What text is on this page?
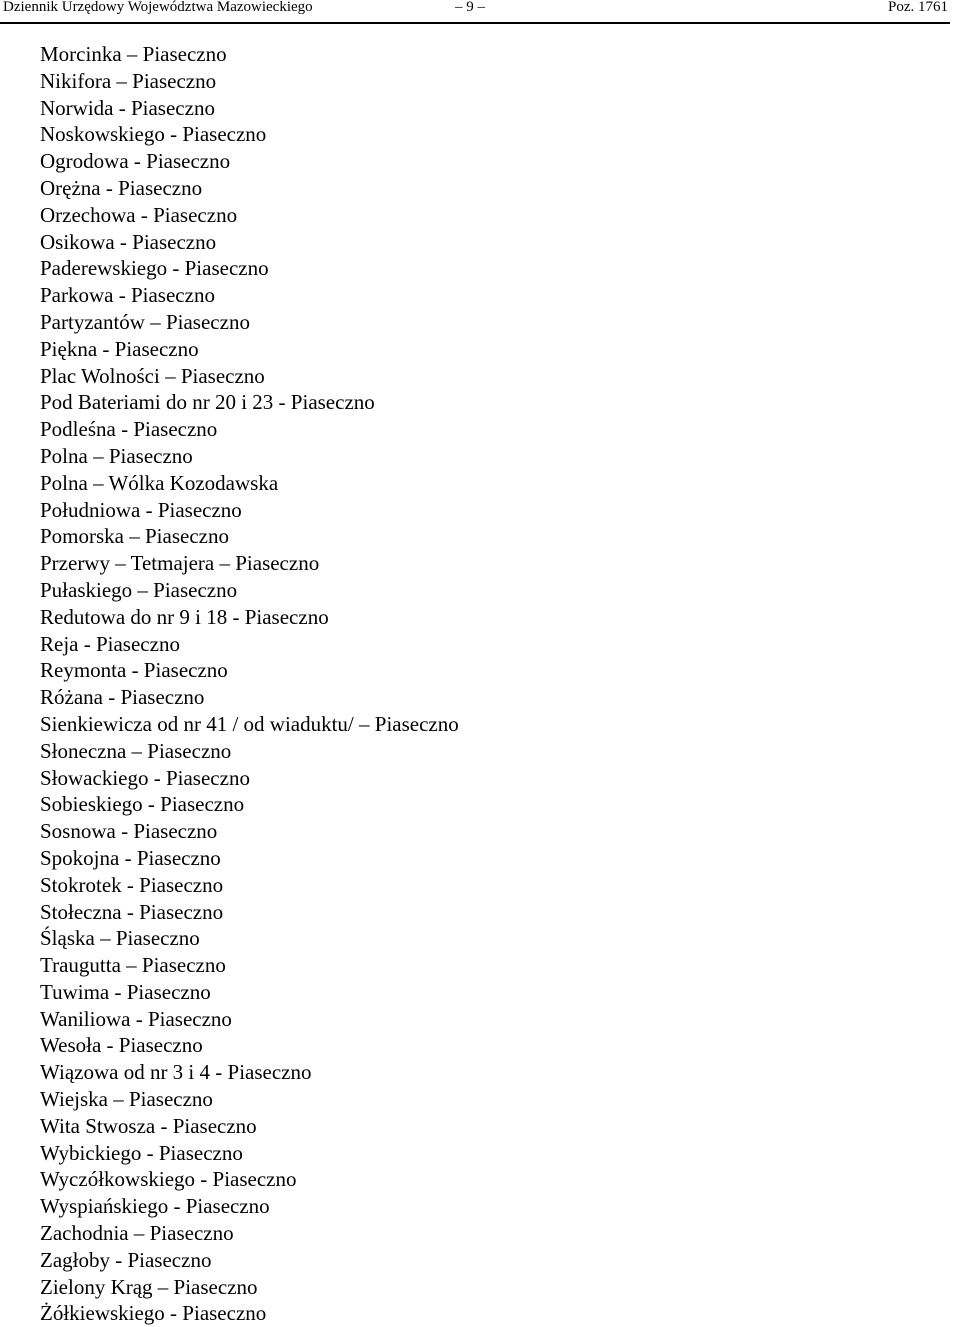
Dziennik Urzędowy Województwa Mazowieckiego	– 9 –	Poz. 1761
Morcinka – Piaseczno
Nikifora – Piaseczno
Norwida - Piaseczno
Noskowskiego - Piaseczno
Ogrodowa - Piaseczno
Orężna - Piaseczno
Orzechowa - Piaseczno
Osikowa - Piaseczno
Paderewskiego - Piaseczno
Parkowa - Piaseczno
Partyzantów – Piaseczno
Piękna - Piaseczno
Plac Wolności – Piaseczno
Pod Bateriami do nr 20 i 23 - Piaseczno
Podleśna - Piaseczno
Polna – Piaseczno
Polna – Wólka Kozodawska
Południowa - Piaseczno
Pomorska – Piaseczno
Przerwy – Tetmajera – Piaseczno
Pułaskiego – Piaseczno
Redutowa do nr 9 i 18 - Piaseczno
Reja - Piaseczno
Reymonta - Piaseczno
Różana - Piaseczno
Sienkiewicza od nr 41 / od wiaduktu/ – Piaseczno
Słoneczna – Piaseczno
Słowackiego - Piaseczno
Sobieskiego - Piaseczno
Sosnowa - Piaseczno
Spokojna - Piaseczno
Stokrotek - Piaseczno
Stołeczna - Piaseczno
Śląska – Piaseczno
Traugutta – Piaseczno
Tuwima - Piaseczno
Waniliowa - Piaseczno
Wesoła - Piaseczno
Wiązowa od nr 3 i 4 - Piaseczno
Wiejska – Piaseczno
Wita Stwosza - Piaseczno
Wybickiego - Piaseczno
Wyczółkowskiego - Piaseczno
Wyspiańskiego - Piaseczno
Zachodnia – Piaseczno
Zagłoby - Piaseczno
Zielony Krąg – Piaseczno
Żółkiewskiego - Piaseczno
